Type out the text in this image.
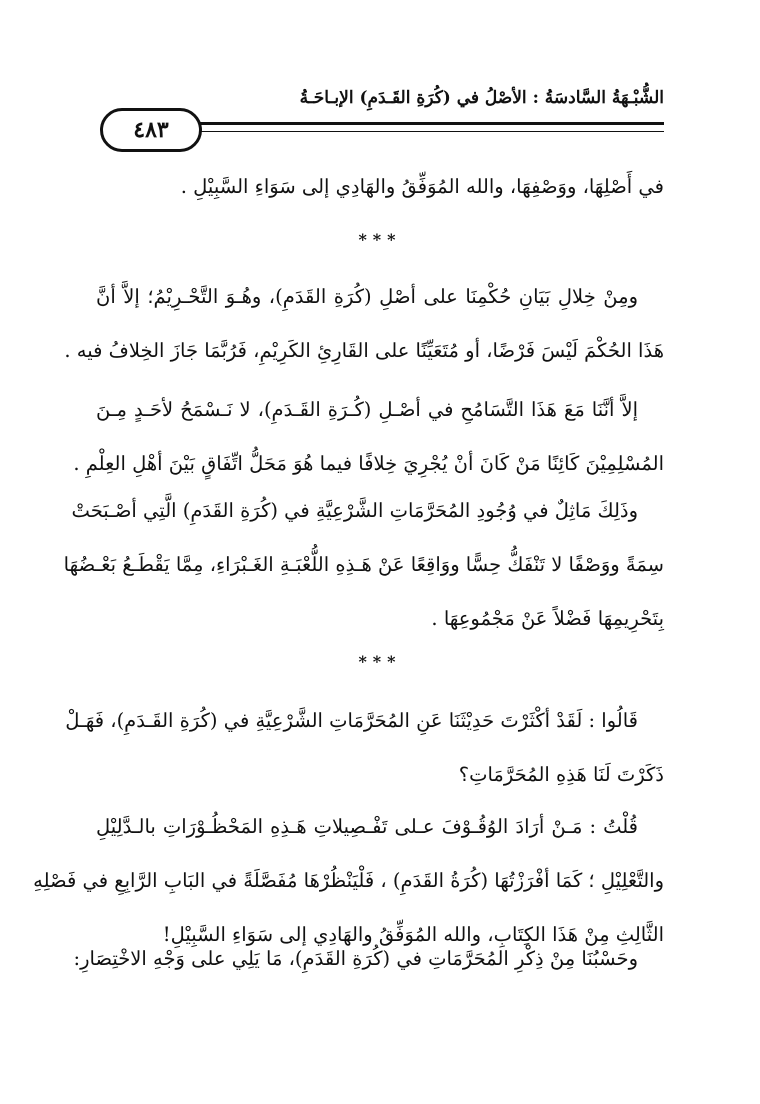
الشُّبْـهَةُ السَّادسَةُ : الأصْلُ في (كُرَةِ القَـدَمِ) الإبـاحَـةُ
٤٨٣
في أَصْلِهَا، ووَصْفِهَا، والله المُوَفِّقُ والهَادِي إلى سَوَاءِ السَّبِيْلِ .
***
ومِنْ خِلالِ بَيَانِ حُكْمِنَا على أصْلِ (كُرَةِ القَدَمِ)، وهُـوَ التَّحْـرِيْمُ؛ إلاَّ أنَّ
هَذَا الحُكْمَ لَيْسَ فَرْضًا، أو مُتَعَيِّنًا على القَارِئِ الكَرِيْمِ، فَرُبَّمَا جَازَ الخِلافُ فيه .
إلاَّ أنَّنَا مَعَ هَذَا التَّسَامُحِ في أصْـلِ (كُـرَةِ القَـدَمِ)، لا نَـسْمَحُ لأحَـدٍ مِـنَ
المُسْلِمِيْنَ كَائِنًا مَنْ كَانَ أنْ يُجْرِيَ خِلافًا فيما هُوَ مَحَلُّ اتِّفَاقٍ بَيْنَ أهْلِ العِلْمِ .
وذَلِكَ مَاثِلٌ في وُجُودِ المُحَرَّمَاتِ الشَّرْعِيَّةِ في (كُرَةِ القَدَمِ) الَّتِي أصْـبَحَتْ
سِمَةً ووَصْفًا لا تَنْفَكُّ حِسًّا ووَاقِعًا عَنْ هَـذِهِ اللُّعْبَـةِ الغَـبْرَاءِ، مِمَّا يَقْطَـعُ بَعْـضُهَا
بِتَحْرِيمِهَا فَضْلاً عَنْ مَجْمُوعِهَا .
***
قَالُوا : لَقَدْ أكْثَرْتَ حَدِيْثَنَا عَنِ المُحَرَّمَاتِ الشَّرْعِيَّةِ في (كُرَةِ القَـدَمِ)، فَهَـلْ
ذَكَرْتَ لَنَا هَذِهِ المُحَرَّمَاتِ؟
قُلْتُ : مَـنْ أرَادَ الوُقُـوْفَ عـلى تَفْـصِيلاتِ هَـذِهِ المَحْظُـوْرَاتِ بالـدَّلِيْلِ
والتَّعْلِيْلِ ؛ كَمَا أفْرَزْتُهَا (كُرَةُ القَدَمِ) ، فَلْيَنْظُرْهَا مُفَصَّلَةً في البَابِ الرَّابِعِ في فَصْلِهِ
الثَّالِثِ مِنْ هَذَا الكِتَابِ، والله المُوَفِّقُ والهَادِي إلى سَوَاءِ السَّبِيْلِ!
وحَسْبُنَا مِنْ ذِكْرِ المُحَرَّمَاتِ في (كُرَةِ القَدَمِ)، مَا يَلِي على وَجْهِ الاخْتِصَارِ:
